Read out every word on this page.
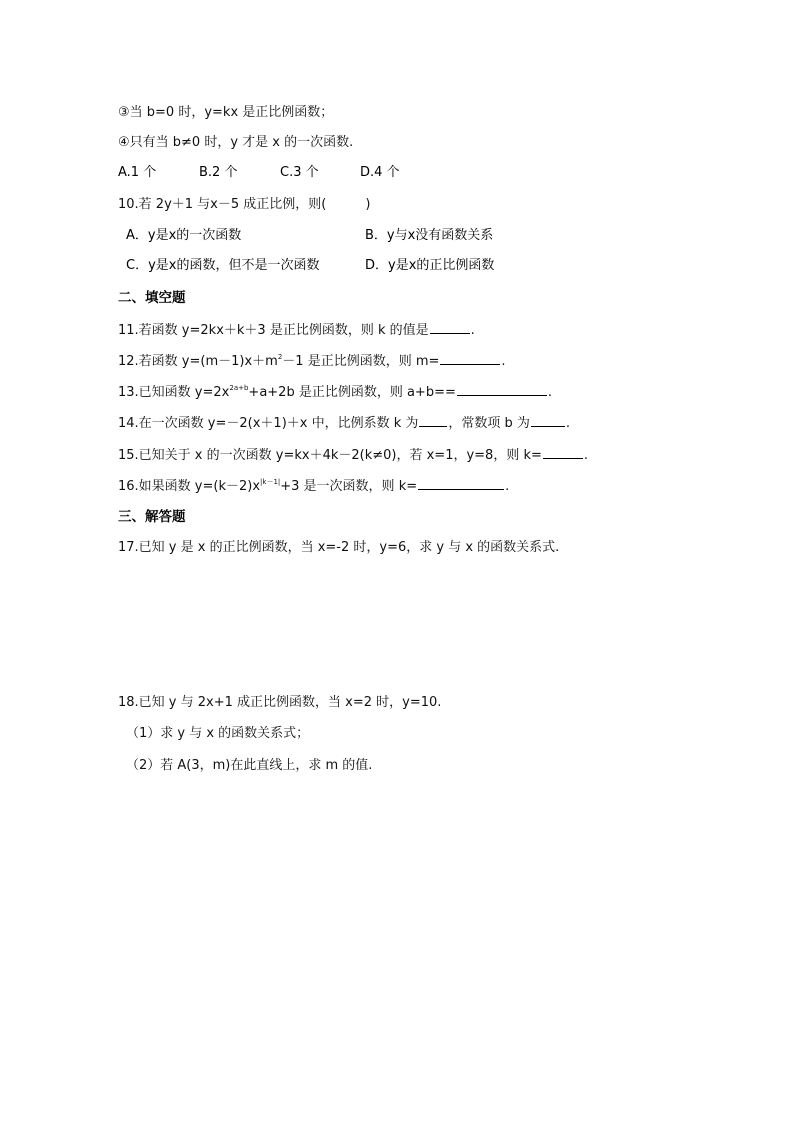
③当 b=0 时，y=kx 是正比例函数；
④只有当 b≠0 时，y 才是 x 的一次函数.
A.1 个	B.2 个	C.3 个	D.4 个
10.若 2y＋1 与x－5 成正比例，则(　　　)
A．y是x的一次函数	B．y与x没有函数关系
C．y是x的函数，但不是一次函数	D．y是x的正比例函数
二、填空题
11.若函数 y=2kx＋k＋3 是正比例函数，则 k 的值是	.
12.若函数 $y=(m-1)x+m^2-1$ 是正比例函数，则 m=	.
13.已知函数 $y=2x^{2a+b}+a+2b$ 是正比例函数，则 a+b==	.
14.在一次函数 y=－2(x＋1)＋x 中，比例系数 k 为 ，常数项 b 为	.
15.已知关于 x 的一次函数 y=kx＋4k－2(k≠0)，若 x=1，y=8，则 k=	.
16.如果函数 $y=(k-2)x^{|k-1|}+3$ 是一次函数，则 k=	.
三、解答题
17.已知 y 是 x 的正比例函数，当 x=-2 时，y=6，求 y 与 x 的函数关系式.
18.已知 y 与 2x+1 成正比例函数，当 x=2 时，y=10.
（1）求 y 与 x 的函数关系式；
（2）若 A(3，m)在此直线上，求 m 的值.
